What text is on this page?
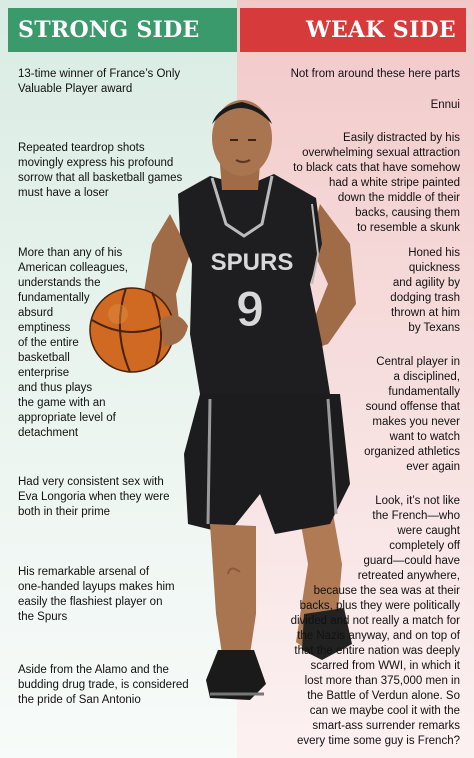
STRONG SIDE	WEAK SIDE
SPURS
9

13-time winner of France’s Only
Valuable Player award

Repeated teardrop shots
movingly express his profound
sorrow that all basketball games
must have a loser

More than any of his
American colleagues,
understands the
fundamentally
absurd
emptiness
of the entire
basketball
enterprise
and thus plays
the game with an
appropriate level of
detachment

Had very consistent sex with
Eva Longoria when they were
both in their prime

His remarkable arsenal of
one-handed layups makes him
easily the flashiest player on
the Spurs

Aside from the Alamo and the
budding drug trade, is considered
the pride of San Antonio

Not from around these here parts

Ennui

Easily distracted by his
overwhelming sexual attraction
to black cats that have somehow
had a white stripe painted
down the middle of their
backs, causing them
to resemble a skunk

Honed his
quickness
and agility by
dodging trash
thrown at him
by Texans

Central player in
a disciplined,
fundamentally
sound offense that
makes you never
want to watch
organized athletics
ever again

Look, it’s not like
the French—who
were caught
completely off
guard—could have
retreated anywhere,
because the sea was at their
backs, plus they were politically
divided and not really a match for
the Nazis anyway, and on top of
that the entire nation was deeply
scarred from WWI, in which it
lost more than 375,000 men in
the Battle of Verdun alone. So
can we maybe cool it with the
smart-ass surrender remarks
every time some guy is French?
